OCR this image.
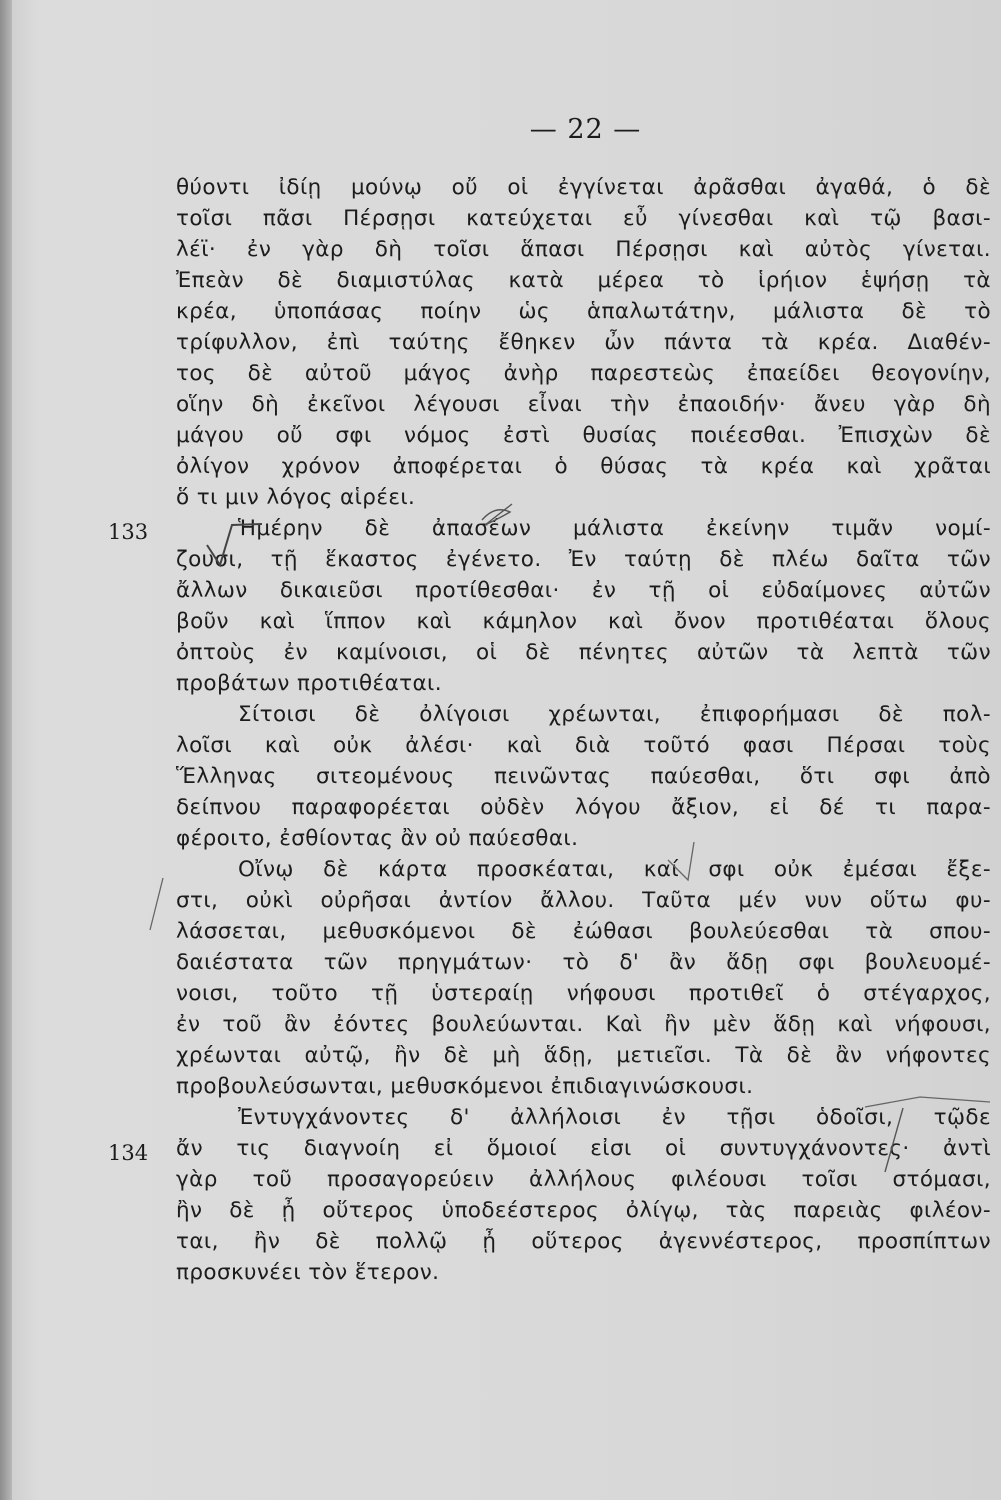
— 22 —
133
134
θύοντι ἰδίῃ μούνῳ οὔ οἱ ἐγγίνεται ἀρᾶσθαι ἀγαθά, ὁ δὲ
τοῖσι πᾶσι Πέρσῃσι κατεύχεται εὖ γίνεσθαι καὶ τῷ βασι-
λέϊ· ἐν γὰρ δὴ τοῖσι ἅπασι Πέρσῃσι καὶ αὐτὸς γίνεται.
Ἐπεὰν δὲ διαμιστύλας κατὰ μέρεα τὸ ἱρήιον ἑψήσῃ τὰ
κρέα, ὑποπάσας ποίην ὡς ἁπαλωτάτην, μάλιστα δὲ τὸ
τρίφυλλον, ἐπὶ ταύτης ἔθηκεν ὦν πάντα τὰ κρέα. Διαθέν-
τος δὲ αὐτοῦ μάγος ἀνὴρ παρεστεὼς ἐπαείδει θεογονίην,
οἵην δὴ ἐκεῖνοι λέγουσι εἶναι τὴν ἐπαοιδήν· ἄνευ γὰρ δὴ
μάγου οὔ σφι νόμος ἐστὶ θυσίας ποιέεσθαι. Ἐπισχὼν δὲ
ὀλίγον χρόνον ἀποφέρεται ὁ θύσας τὰ κρέα καὶ χρᾶται
ὅ τι μιν λόγος αἱρέει.
Ἡμέρην δὲ ἀπασέων μάλιστα ἐκείνην τιμᾶν νομί-
ζουσι, τῇ ἕκαστος ἐγένετο. Ἐν ταύτῃ δὲ πλέω δαῖτα τῶν
ἄλλων δικαιεῦσι προτίθεσθαι· ἐν τῇ οἱ εὐδαίμονες αὐτῶν
βοῦν καὶ ἵππον καὶ κάμηλον καὶ ὄνον προτιθέαται ὅλους
ὀπτοὺς ἐν καμίνοισι, οἱ δὲ πένητες αὐτῶν τὰ λεπτὰ τῶν
προβάτων προτιθέαται.
Σίτοισι δὲ ὀλίγοισι χρέωνται, ἐπιφορήμασι δὲ πολ-
λοῖσι καὶ οὐκ ἀλέσι· καὶ διὰ τοῦτό φασι Πέρσαι τοὺς
Ἕλληνας σιτεομένους πεινῶντας παύεσθαι, ὅτι σφι ἀπὸ
δείπνου παραφορέεται οὐδὲν λόγου ἄξιον, εἰ δέ τι παρα-
φέροιτο, ἐσθίοντας ἂν οὐ παύεσθαι.
Οἴνῳ δὲ κάρτα προσκέαται, καί σφι οὐκ ἐμέσαι ἔξε-
στι, οὐκὶ οὐρῆσαι ἀντίον ἄλλου. Ταῦτα μέν νυν οὕτω φυ-
λάσσεται, μεθυσκόμενοι δὲ ἐώθασι βουλεύεσθαι τὰ σπου-
δαιέστατα τῶν πρηγμάτων· τὸ δ' ἂν ἅδῃ σφι βουλευομέ-
νοισι, τοῦτο τῇ ὑστεραίῃ νήφουσι προτιθεῖ ὁ στέγαρχος,
ἐν τοῦ ἂν ἐόντες βουλεύωνται. Καὶ ἢν μὲν ἅδῃ καὶ νήφουσι,
χρέωνται αὐτῷ, ἢν δὲ μὴ ἅδῃ, μετιεῖσι. Τὰ δὲ ἂν νήφοντες
προβουλεύσωνται, μεθυσκόμενοι ἐπιδιαγινώσκουσι.
Ἐντυγχάνοντες δ' ἀλλήλοισι ἐν τῇσι ὁδοῖσι, τῷδε
ἄν τις διαγνοίη εἰ ὅμοιοί εἰσι οἱ συντυγχάνοντες· ἀντὶ
γὰρ τοῦ προσαγορεύειν ἀλλήλους φιλέουσι τοῖσι στόμασι,
ἢν δὲ ᾖ οὕτερος ὑποδεέστερος ὀλίγῳ, τὰς παρειὰς φιλέον-
ται, ἢν δὲ πολλῷ ᾖ οὕτερος ἀγεννέστερος, προσπίπτων
προσκυνέει τὸν ἕτερον.
